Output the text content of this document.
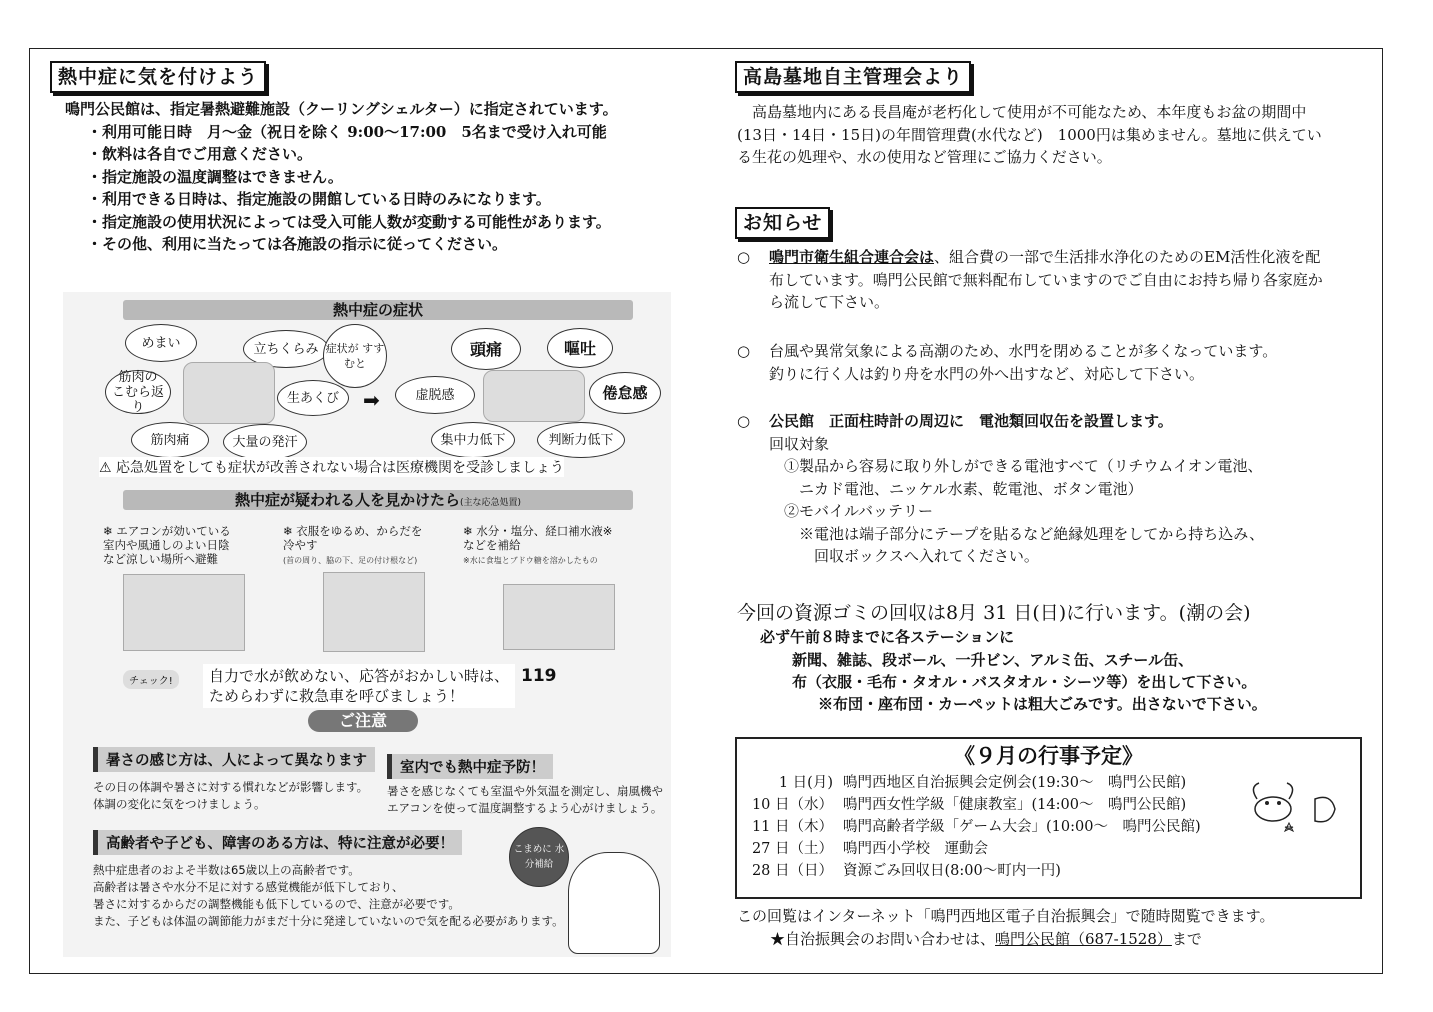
熱中症に気を付けよう
鳴門公民館は、指定暑熱避難施設（クーリングシェルター）に指定されています。
・利用可能日時　月～金（祝日を除く 9:00～17:00　5名まで受け入れ可能
・飲料は各自でご用意ください。
・指定施設の温度調整はできません。
・利用できる日時は、指定施設の開館している日時のみになります。
・指定施設の使用状況によっては受入可能人数が変動する可能性があります。
・その他、利用に当たっては各施設の指示に従ってください。
熱中症の症状
めまい	立ちくらみ
筋肉の こむら返り
生あくび
筋肉痛	大量の発汗
症状が すすむと
頭痛	嘔吐
虚脱感	倦怠感
集中力低下	判断力低下
➡
⚠ 応急処置をしても症状が改善されない場合は医療機関を受診しましょう
熱中症が疑われる人を見かけたら(主な応急処置)
❄ エアコンが効いている
室内や風通しのよい日陰
など涼しい場所へ避難
❄ 衣服をゆるめ、からだを
冷やす
(首の周り、脇の下、足の付け根など)
❄ 水分・塩分、経口補水液※
などを補給
※水に食塩とブドウ糖を溶かしたもの
チェック!	自力で水が飲めない、応答がおかしい時は、
ためらわずに救急車を呼びましょう！
119
ご注意
暑さの感じ方は、人によって異なります
その日の体調や暑さに対する慣れなどが影響します。
体調の変化に気をつけましょう。
室内でも熱中症予防！
暑さを感じなくても室温や外気温を測定し、扇風機や
エアコンを使って温度調整するよう心がけましょう。
高齢者や子ども、障害のある方は、特に注意が必要！
熱中症患者のおよそ半数は65歳以上の高齢者です。
高齢者は暑さや水分不足に対する感覚機能が低下しており、
暑さに対するからだの調整機能も低下しているので、注意が必要です。
また、子どもは体温の調節能力がまだ十分に発達していないので気を配る必要があります。
こまめに 水分補給
高島墓地自主管理会より
　高島墓地内にある長昌庵が老朽化して使用が不可能なため、本年度もお盆の期間中
(13日・14日・15日)の年間管理費(水代など)　1000円は集めません。墓地に供えてい
る生花の処理や、水の使用など管理にご協力ください。
お知らせ
○ 鳴門市衛生組合連合会は、組合費の一部で生活排水浄化のためのEM活性化液を配
布しています。鳴門公民館で無料配布していますのでご自由にお持ち帰り各家庭か
ら流して下さい。
○ 台風や異常気象による高潮のため、水門を閉めることが多くなっています。
釣りに行く人は釣り舟を水門の外へ出すなど、対応して下さい。
○ 公民館　正面柱時計の周辺に　電池類回収缶を設置します。
回収対象
　①製品から容易に取り外しができる電池すべて（リチウムイオン電池、
　　ニカド電池、ニッケル水素、乾電池、ボタン電池）
　②モバイルバッテリー
　　※電池は端子部分にテープを貼るなど絶縁処理をしてから持ち込み、
　　　回収ボックスへ入れてください。
今回の資源ゴミの回収は8月 31 日(日)に行います。(潮の会)
必ず午前８時までに各ステーションに
新聞、雑誌、段ボール、一升ビン、アルミ缶、スチール缶、
布（衣服・毛布・タオル・バスタオル・シーツ等）を出して下さい。
※布団・座布団・カーペットは粗大ごみです。出さないで下さい。
《９月の行事予定》
1 日(月) 鳴門西地区自治振興会定例会(19:30～　鳴門公民館)
10 日（水） 鳴門西女性学級「健康教室」(14:00～　鳴門公民館)
11 日（木） 鳴門高齢者学級「ゲーム大会」(10:00～　鳴門公民館)
27 日（土） 鳴門西小学校　運動会
28 日（日） 資源ごみ回収日(8:00～町内一円)
この回覧はインターネット「鳴門西地区電子自治振興会」で随時閲覧できます。
★自治振興会のお問い合わせは、鳴門公民館（687-1528）まで
